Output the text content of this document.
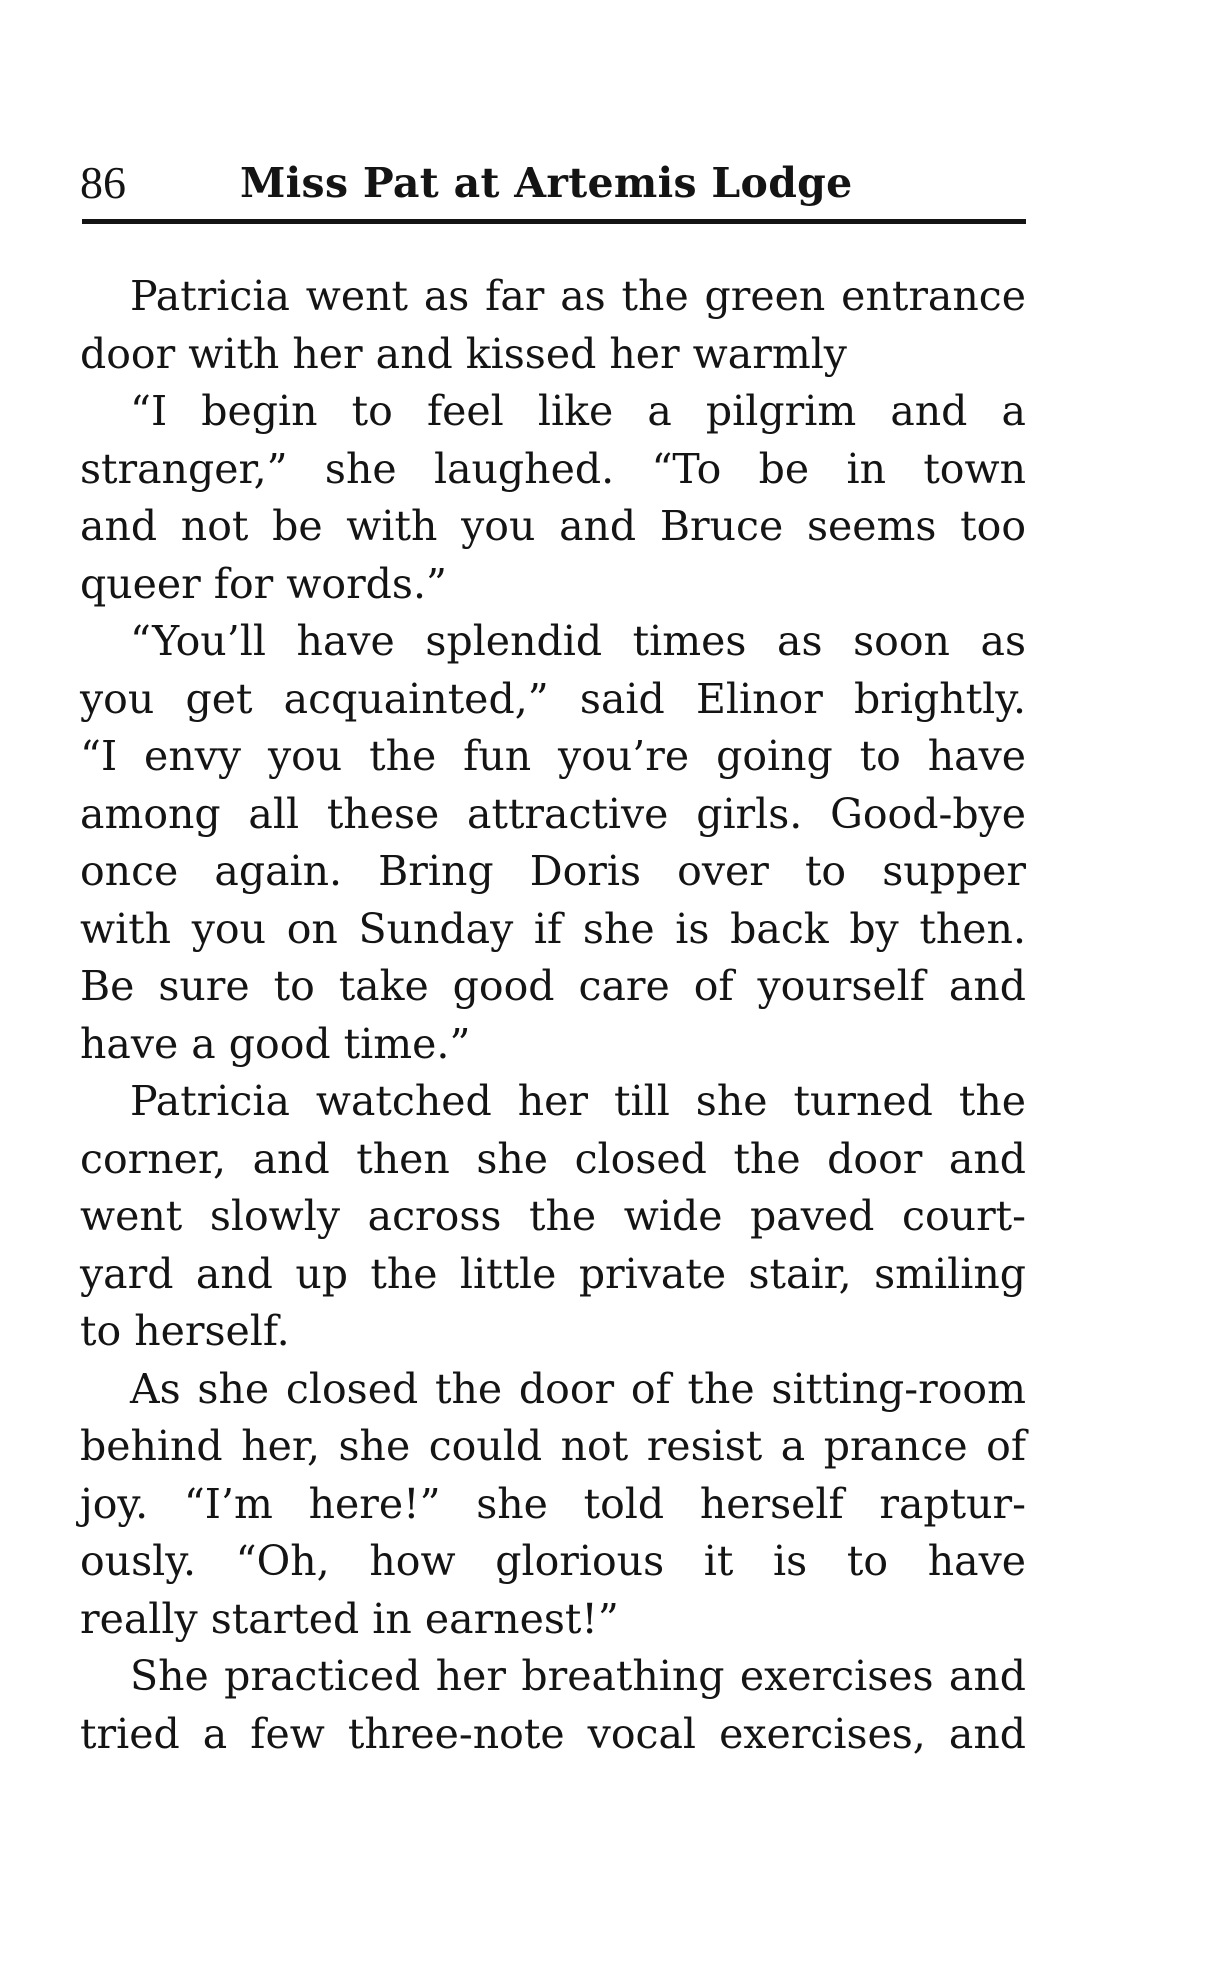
86	Miss Pat at Artemis Lodge
Patricia went as far as the green entrance
door with her and kissed her warmly
“I begin to feel like a pilgrim and a
stranger,” she laughed. “To be in town
and not be with you and Bruce seems too
queer for words.”
“You’ll have splendid times as soon as
you get acquainted,” said Elinor brightly.
“I envy you the fun you’re going to have
among all these attractive girls. Good-bye
once again. Bring Doris over to supper
with you on Sunday if she is back by then.
Be sure to take good care of yourself and
have a good time.”
Patricia watched her till she turned the
corner, and then she closed the door and
went slowly across the wide paved court-
yard and up the little private stair, smiling
to herself.
As she closed the door of the sitting-room
behind her, she could not resist a prance of
joy. “I’m here!” she told herself raptur-
ously. “Oh, how glorious it is to have
really started in earnest!”
She practiced her breathing exercises and
tried a few three-note vocal exercises, and
